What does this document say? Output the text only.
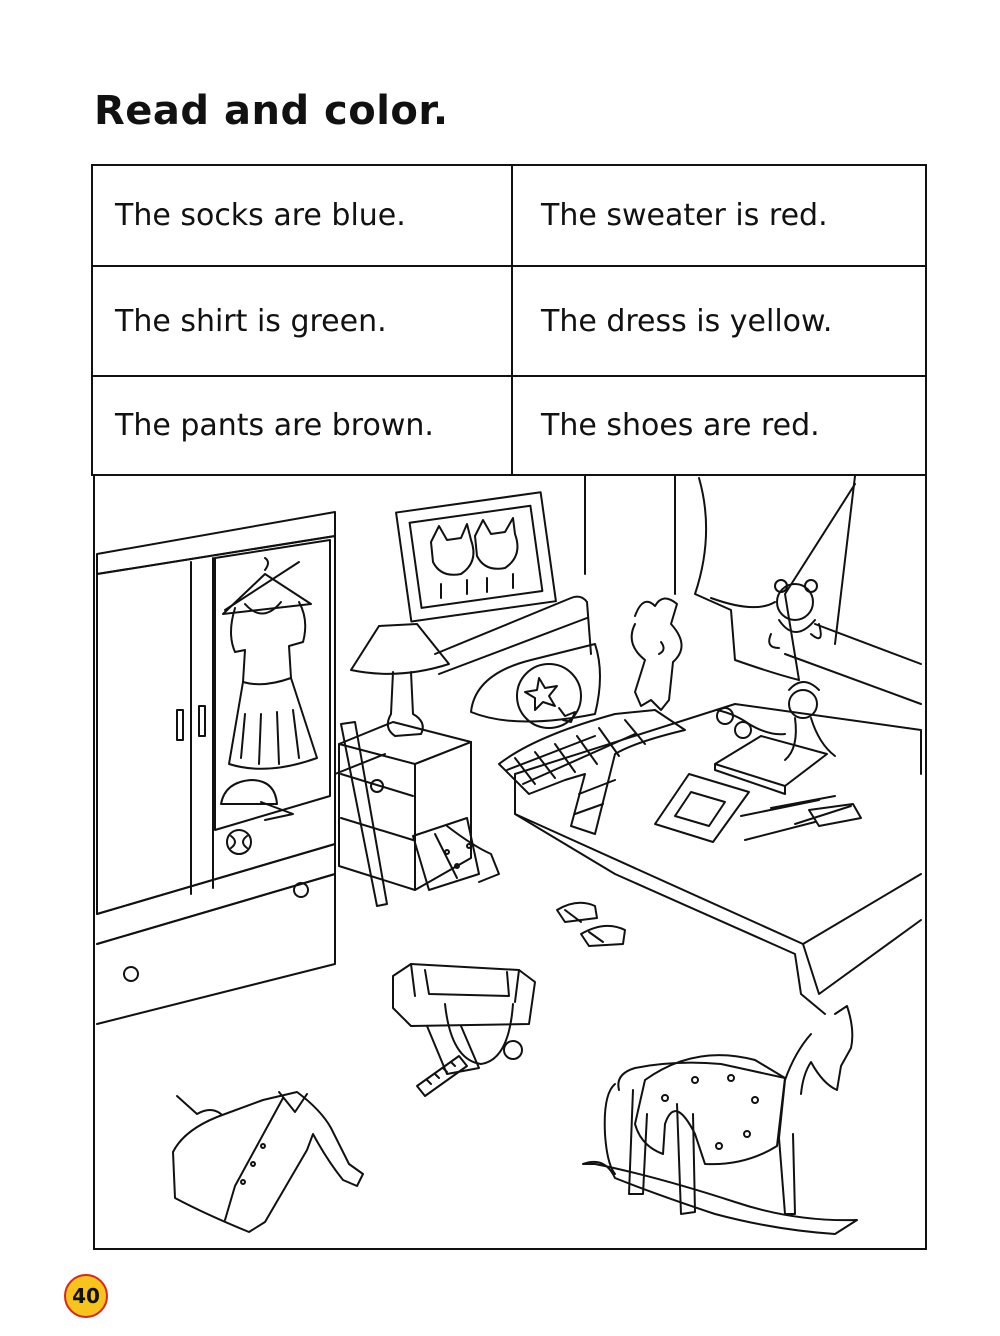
Read and color.
The socks are blue.	The sweater is red.
The shirt is green.	The dress is yellow.
The pants are brown.	The shoes are red.
40
